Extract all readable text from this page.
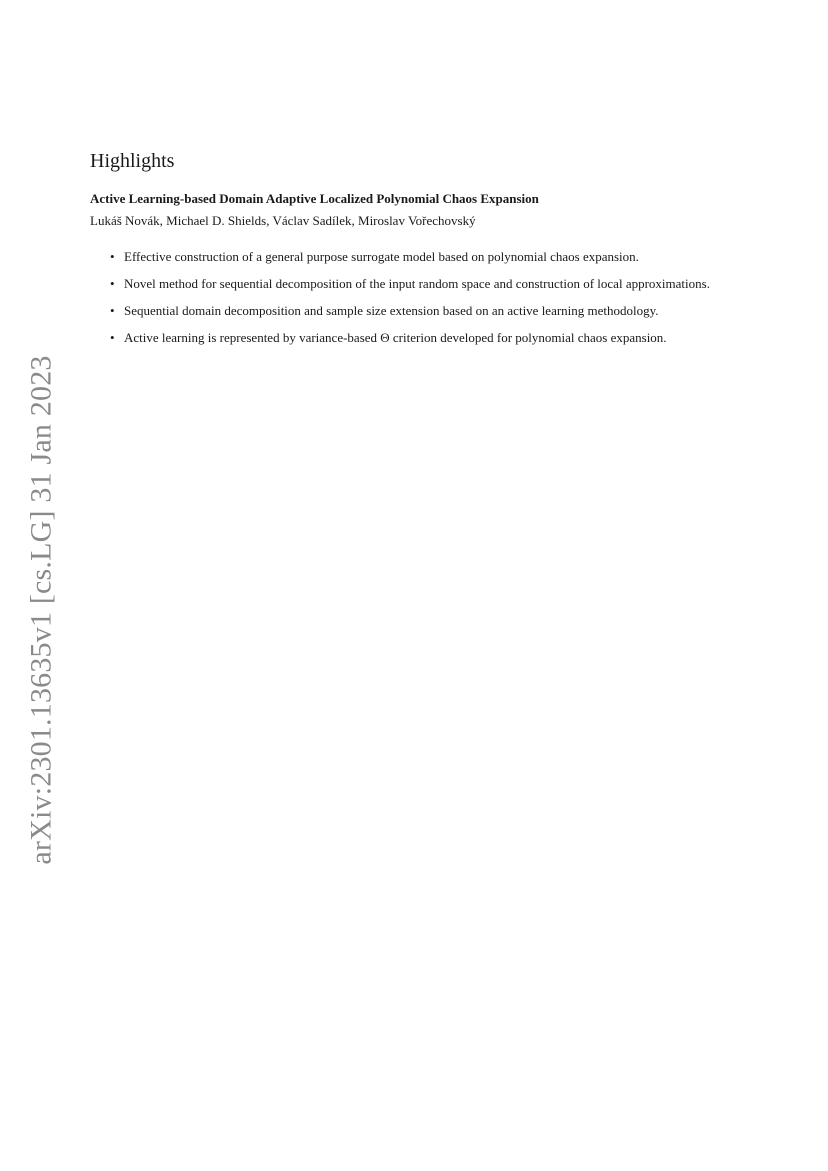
arXiv:2301.13635v1 [cs.LG] 31 Jan 2023
Highlights
Active Learning-based Domain Adaptive Localized Polynomial Chaos Expansion
Lukáš Novák, Michael D. Shields, Václav Sadílek, Miroslav Vořechovský
• Effective construction of a general purpose surrogate model based on polynomial chaos expansion.
• Novel method for sequential decomposition of the input random space and construction of local approximations.
• Sequential domain decomposition and sample size extension based on an active learning methodology.
• Active learning is represented by variance-based Θ criterion developed for polynomial chaos expansion.
